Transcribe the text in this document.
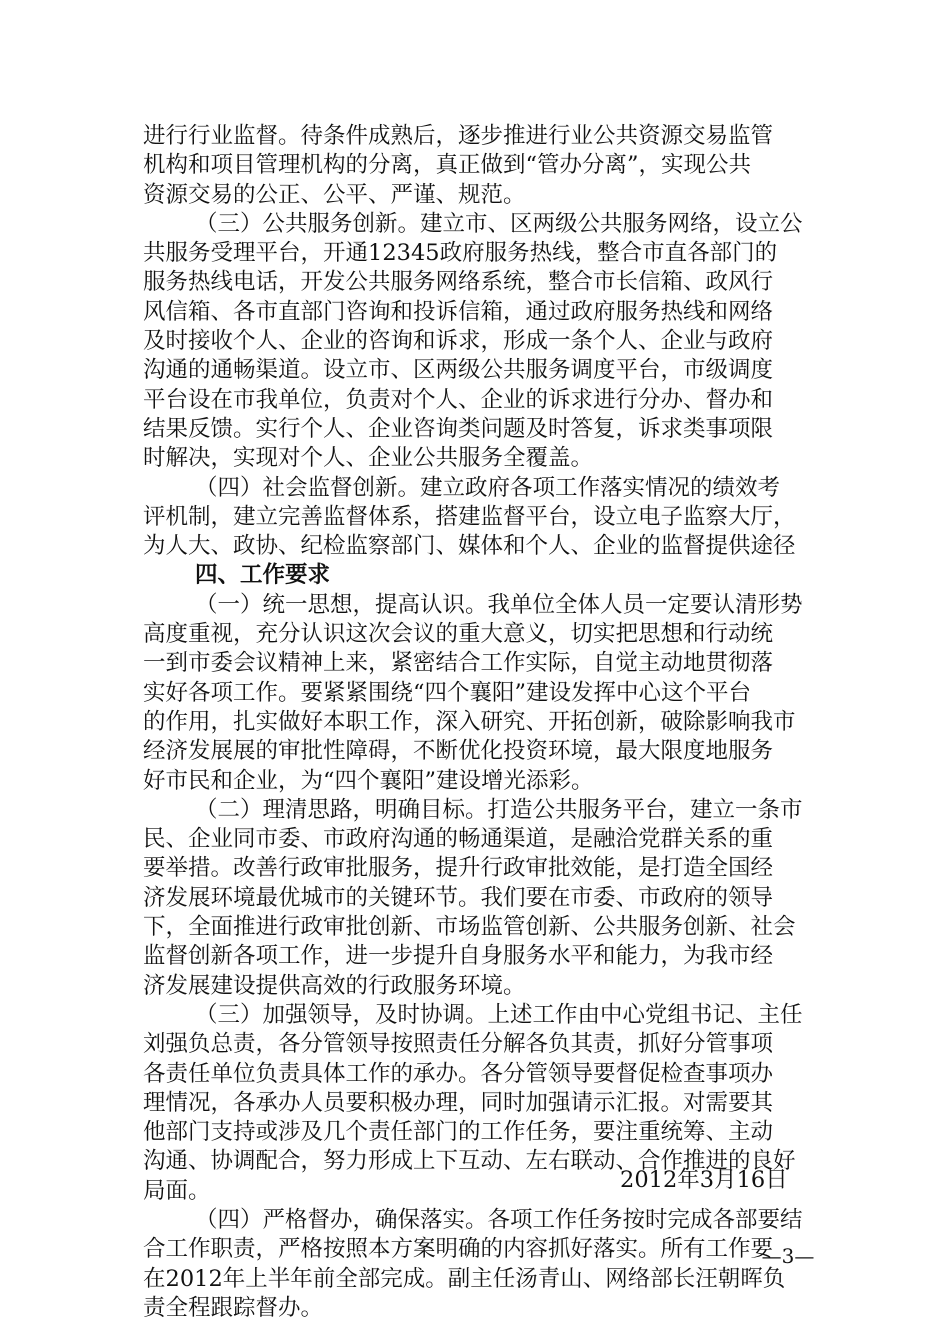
进行行业监督。待条件成熟后，逐步推进行业公共资源交易监管
机构和项目管理机构的分离，真正做到“管办分离”，实现公共
资源交易的公正、公平、严谨、规范。
（三）公共服务创新。建立市、区两级公共服务网络，设立公
共服务受理平台，开通12345政府服务热线，整合市直各部门的
服务热线电话，开发公共服务网络系统，整合市长信箱、政风行
风信箱、各市直部门咨询和投诉信箱，通过政府服务热线和网络
及时接收个人、企业的咨询和诉求，形成一条个人、企业与政府
沟通的通畅渠道。设立市、区两级公共服务调度平台，市级调度
平台设在市我单位，负责对个人、企业的诉求进行分办、督办和
结果反馈。实行个人、企业咨询类问题及时答复，诉求类事项限
时解决，实现对个人、企业公共服务全覆盖。
（四）社会监督创新。建立政府各项工作落实情况的绩效考
评机制，建立完善监督体系，搭建监督平台，设立电子监察大厅，
为人大、政协、纪检监察部门、媒体和个人、企业的监督提供途径
四、工作要求
（一）统一思想，提高认识。我单位全体人员一定要认清形势
高度重视，充分认识这次会议的重大意义，切实把思想和行动统
一到市委会议精神上来，紧密结合工作实际，自觉主动地贯彻落
实好各项工作。要紧紧围绕“四个襄阳”建设发挥中心这个平台
的作用，扎实做好本职工作，深入研究、开拓创新，破除影响我市
经济发展展的审批性障碍，不断优化投资环境，最大限度地服务
好市民和企业，为“四个襄阳”建设增光添彩。
（二）理清思路，明确目标。打造公共服务平台，建立一条市
民、企业同市委、市政府沟通的畅通渠道，是融洽党群关系的重
要举措。改善行政审批服务，提升行政审批效能，是打造全国经
济发展环境最优城市的关键环节。我们要在市委、市政府的领导
下，全面推进行政审批创新、市场监管创新、公共服务创新、社会
监督创新各项工作，进一步提升自身服务水平和能力，为我市经
济发展建设提供高效的行政服务环境。
（三）加强领导，及时协调。上述工作由中心党组书记、主任
刘强负总责，各分管领导按照责任分解各负其责，抓好分管事项
各责任单位负责具体工作的承办。各分管领导要督促检查事项办
理情况，各承办人员要积极办理，同时加强请示汇报。对需要其
他部门支持或涉及几个责任部门的工作任务，要注重统筹、主动
沟通、协调配合，努力形成上下互动、左右联动、合作推进的良好
局面。
（四）严格督办，确保落实。各项工作任务按时完成各部要结
合工作职责，严格按照本方案明确的内容抓好落实。所有工作要
在2012年上半年前全部完成。副主任汤青山、网络部长汪朝晖负
责全程跟踪督办。
2012年3月16日
—3—
